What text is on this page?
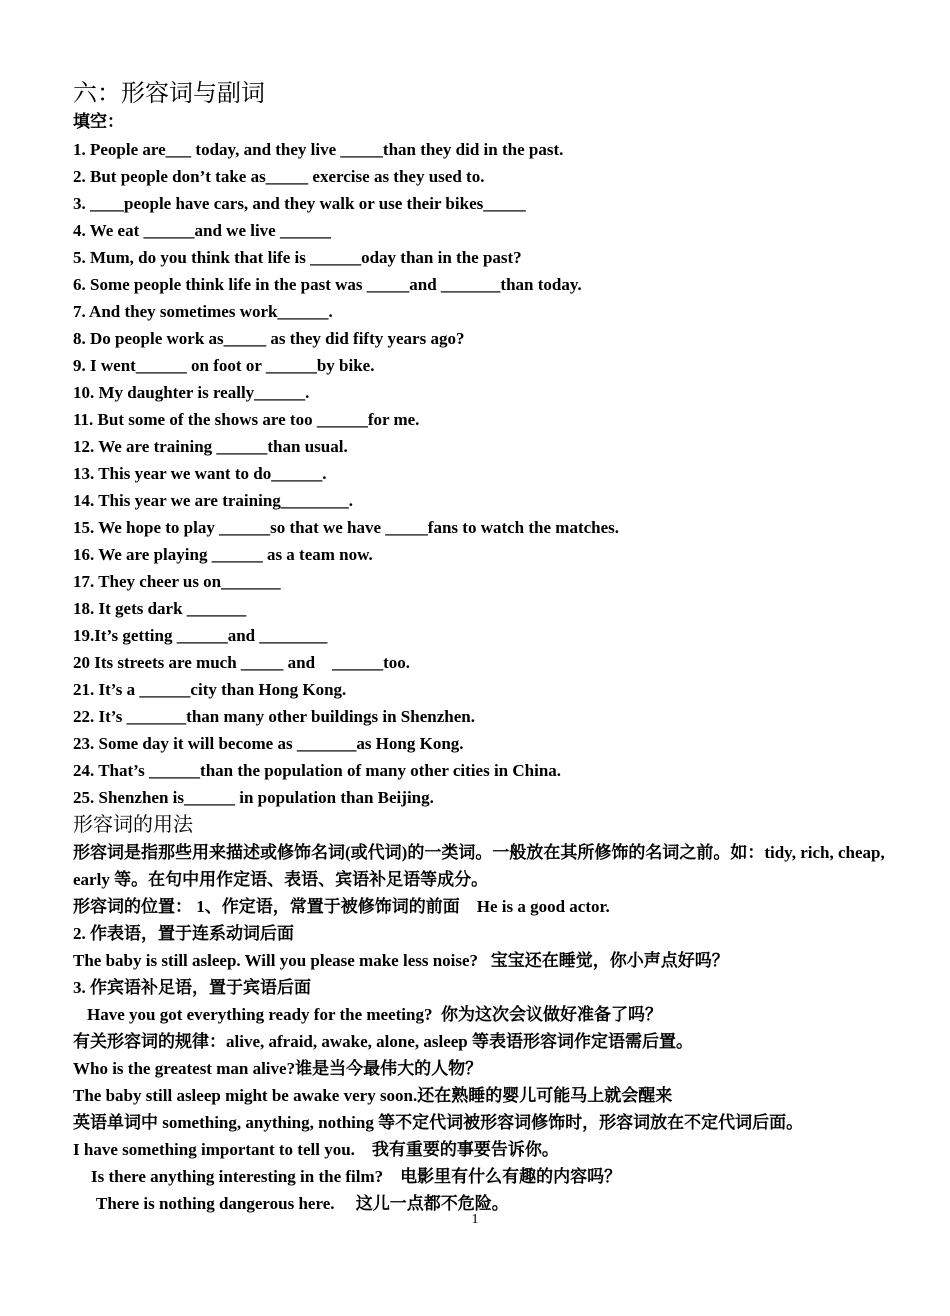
六：形容词与副词
填空：
1. People are___ today, and they live _____than they did in the past.
2. But people don’t take as_____ exercise as they used to.
3. ____people have cars, and they walk or use their bikes_____
4. We eat ______and we live ______
5. Mum, do you think that life is ______oday than in the past?
6. Some people think life in the past was _____and _______than today.
7. And they sometimes work______.
8. Do people work as_____ as they did fifty years ago?
9. I went______ on foot or ______by bike.
10. My daughter is really______.
11. But some of the shows are too ______for me.
12. We are training ______than usual.
13. This year we want to do______.
14. This year we are training________.
15. We hope to play ______so that we have _____fans to watch the matches.
16. We are playing ______ as a team now.
17. They cheer us on_______
18. It gets dark _______
19.It’s getting ______and ________
20 Its streets are much _____ and    ______too.
21. It’s a ______city than Hong Kong.
22. It’s _______than many other buildings in Shenzhen.
23. Some day it will become as _______as Hong Kong.
24. That’s ______than the population of many other cities in China.
25. Shenzhen is______ in population than Beijing.
形容词的用法

形容词是指那些用来描述或修饰名词(或代词)的一类词。一般放在其所修饰的名词之前。如：tidy, rich, cheap, early 等。在句中用作定语、表语、宾语补足语等成分。

形容词的位置： 1、作定语，常置于被修饰词的前面    He is a good actor.
2. 作表语，置于连系动词后面
The baby is still asleep. Will you please make less noise?   宝宝还在睡觉，你小声点好吗？
3. 作宾语补足语，置于宾语后面
Have you got everything ready for the meeting?  你为这次会议做好准备了吗？
有关形容词的规律：alive, afraid, awake, alone, asleep 等表语形容词作定语需后置。
Who is the greatest man alive?谁是当今最伟大的人物？
The baby still asleep might be awake very soon.还在熟睡的婴儿可能马上就会醒来
英语单词中 something, anything, nothing 等不定代词被形容词修饰时，形容词放在不定代词后面。
I have something important to tell you.    我有重要的事要告诉你。
Is there anything interesting in the film?    电影里有什么有趣的内容吗？
There is nothing dangerous here.     这儿一点都不危险。
1
